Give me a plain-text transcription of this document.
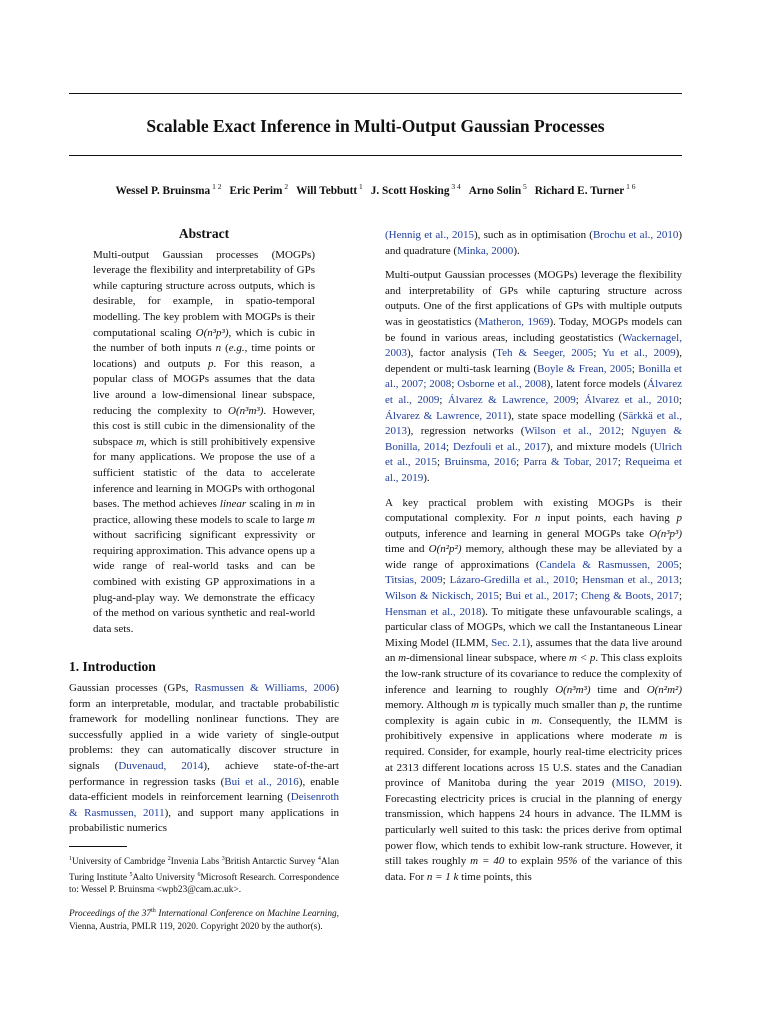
Scalable Exact Inference in Multi-Output Gaussian Processes
Wessel P. Bruinsma $^{1 2}$ Eric Perim $^2$ Will Tebbutt $^1$ J. Scott Hosking $^{3 4}$ Arno Solin $^5$ Richard E. Turner $^{1 6}$
Abstract
Multi-output Gaussian processes (MOGPs) leverage the flexibility and interpretability of GPs while capturing structure across outputs, which is desirable, for example, in spatio-temporal modelling. The key problem with MOGPs is their computational scaling O(n³p³), which is cubic in the number of both inputs n (e.g., time points or locations) and outputs p. For this reason, a popular class of MOGPs assumes that the data live around a low-dimensional linear subspace, reducing the complexity to O(n³m³). However, this cost is still cubic in the dimensionality of the subspace m, which is still prohibitively expensive for many applications. We propose the use of a sufficient statistic of the data to accelerate inference and learning in MOGPs with orthogonal bases. The method achieves linear scaling in m in practice, allowing these models to scale to large m without sacrificing significant expressivity or requiring approximation. This advance opens up a wide range of real-world tasks and can be combined with existing GP approximations in a plug-and-play way. We demonstrate the efficacy of the method on various synthetic and real-world data sets.
1. Introduction

Gaussian processes (GPs, Rasmussen & Williams, 2006) form an interpretable, modular, and tractable probabilistic framework for modelling nonlinear functions. They are successfully applied in a wide variety of single-output problems: they can automatically discover structure in signals (Duvenaud, 2014), achieve state-of-the-art performance in regression tasks (Bui et al., 2016), enable data-efficient models in reinforcement learning (Deisenroth & Rasmussen, 2011), and support many applications in probabilistic numerics

$^1$University of Cambridge $^2$Invenia Labs $^3$British Antarctic Survey $^4$Alan Turing Institute $^5$Aalto University $^6$Microsoft Research. Correspondence to: Wessel P. Bruinsma <wpb23@cam.ac.uk>.
Proceedings of the 37th International Conference on Machine Learning, Vienna, Austria, PMLR 119, 2020. Copyright 2020 by the author(s).

(Hennig et al., 2015), such as in optimisation (Brochu et al., 2010) and quadrature (Minka, 2000).

Multi-output Gaussian processes (MOGPs) leverage the flexibility and interpretability of GPs while capturing structure across outputs. One of the first applications of GPs with multiple outputs was in geostatistics (Matheron, 1969). Today, MOGPs models can be found in various areas, including geostatistics (Wackernagel, 2003), factor analysis (Teh & Seeger, 2005; Yu et al., 2009), dependent or multi-task learning (Boyle & Frean, 2005; Bonilla et al., 2007; 2008; Osborne et al., 2008), latent force models (Álvarez et al., 2009; Álvarez & Lawrence, 2009; Álvarez et al., 2010; Álvarez & Lawrence, 2011), state space modelling (Särkkä et al., 2013), regression networks (Wilson et al., 2012; Nguyen & Bonilla, 2014; Dezfouli et al., 2017), and mixture models (Ulrich et al., 2015; Bruinsma, 2016; Parra & Tobar, 2017; Requeima et al., 2019).

A key practical problem with existing MOGPs is their computational complexity. For n input points, each having p outputs, inference and learning in general MOGPs take O(n³p³) time and O(n²p²) memory, although these may be alleviated by a wide range of approximations (Candela & Rasmussen, 2005; Titsias, 2009; Lázaro-Gredilla et al., 2010; Hensman et al., 2013; Wilson & Nickisch, 2015; Bui et al., 2017; Cheng & Boots, 2017; Hensman et al., 2018). To mitigate these unfavourable scalings, a particular class of MOGPs, which we call the Instantaneous Linear Mixing Model (ILMM, Sec. 2.1), assumes that the data live around an m-dimensional linear subspace, where m < p. This class exploits the low-rank structure of its covariance to reduce the complexity of inference and learning to roughly O(n³m³) time and O(n²m²) memory. Although m is typically much smaller than p, the runtime complexity is again cubic in m. Consequently, the ILMM is prohibitively expensive in applications where moderate m is required. Consider, for example, hourly real-time electricity prices at 2313 different locations across 15 U.S. states and the Canadian province of Manitoba during the year 2019 (MISO, 2019). Forecasting electricity prices is crucial in the planning of energy transmission, which happens 24 hours in advance. The ILMM is particularly well suited to this task: the prices derive from optimal power flow, which tends to exhibit low-rank structure. However, it still takes roughly m = 40 to explain 95% of the variance of this data. For n = 1 k time points, this
